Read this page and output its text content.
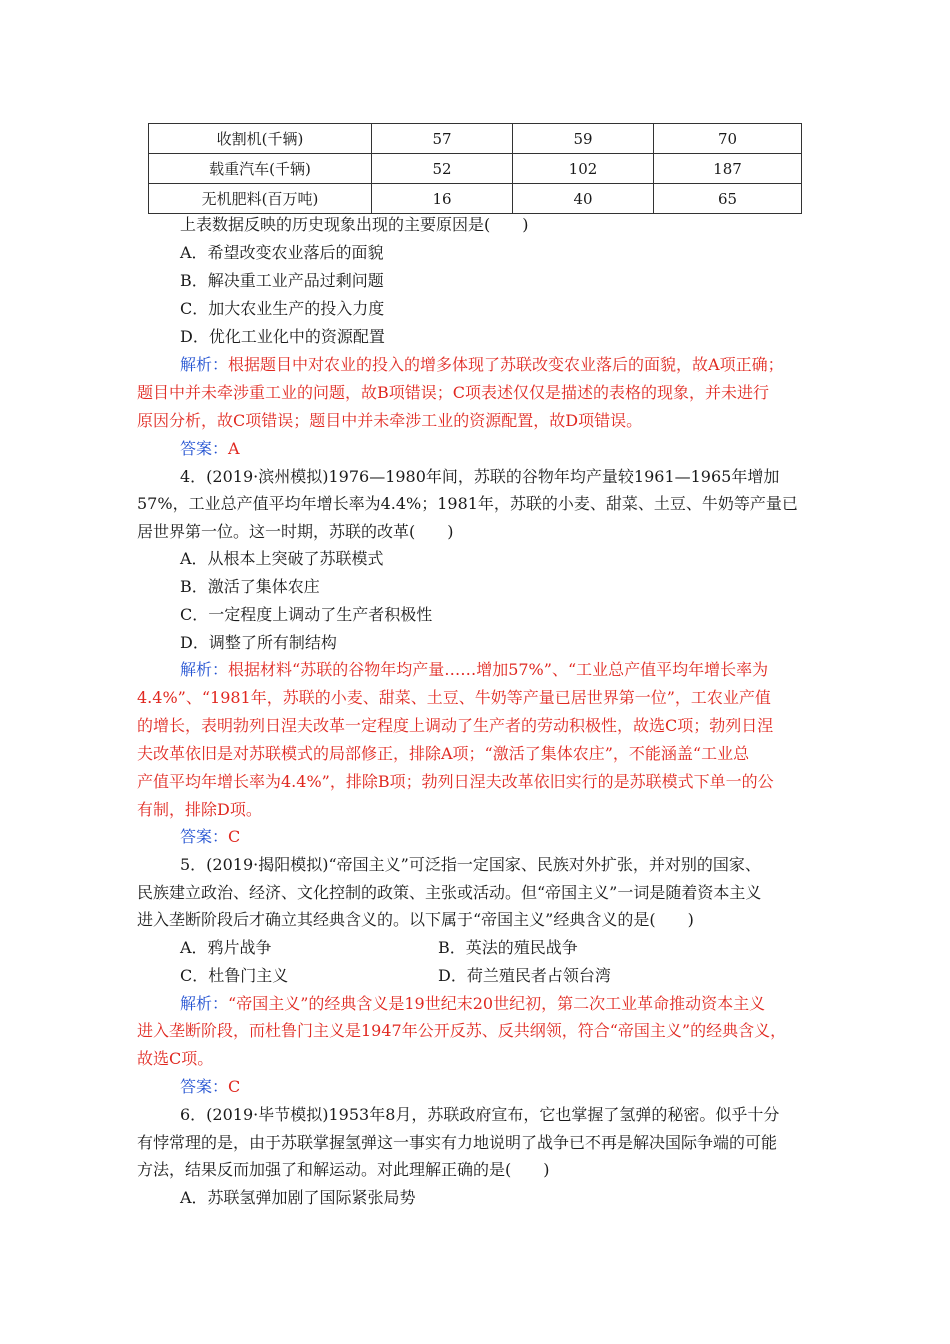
收割机(千辆)	57	59	70
载重汽车(千辆)	52	102	187
无机肥料(百万吨)	16	40	65
上表数据反映的历史现象出现的主要原因是(　　)
A．希望改变农业落后的面貌
B．解决重工业产品过剩问题
C．加大农业生产的投入力度
D．优化工业化中的资源配置
解析：根据题目中对农业的投入的增多体现了苏联改变农业落后的面貌，故A项正确；
题目中并未牵涉重工业的问题，故B项错误；C项表述仅仅是描述的表格的现象，并未进行
原因分析，故C项错误；题目中并未牵涉工业的资源配置，故D项错误。
答案：A
4．(2019·滨州模拟)1976—1980年间，苏联的谷物年均产量较1961—1965年增加
57%，工业总产值平均年增长率为4.4%；1981年，苏联的小麦、甜菜、土豆、牛奶等产量已
居世界第一位。这一时期，苏联的改革(　　)
A．从根本上突破了苏联模式
B．激活了集体农庄
C．一定程度上调动了生产者积极性
D．调整了所有制结构
解析：根据材料“苏联的谷物年均产量……增加57%”、“工业总产值平均年增长率为
4.4%”、“1981年，苏联的小麦、甜菜、土豆、牛奶等产量已居世界第一位”，工农业产值
的增长，表明勃列日涅夫改革一定程度上调动了生产者的劳动积极性，故选C项；勃列日涅
夫改革依旧是对苏联模式的局部修正，排除A项；“激活了集体农庄”，不能涵盖“工业总
产值平均年增长率为4.4%”，排除B项；勃列日涅夫改革依旧实行的是苏联模式下单一的公
有制，排除D项。
答案：C
5．(2019·揭阳模拟)“帝国主义”可泛指一定国家、民族对外扩张，并对别的国家、
民族建立政治、经济、文化控制的政策、主张或活动。但“帝国主义”一词是随着资本主义
进入垄断阶段后才确立其经典含义的。以下属于“帝国主义”经典含义的是(　　)
A．鸦片战争	B．英法的殖民战争
C．杜鲁门主义	D．荷兰殖民者占领台湾
解析：“帝国主义”的经典含义是19世纪末20世纪初，第二次工业革命推动资本主义
进入垄断阶段，而杜鲁门主义是1947年公开反苏、反共纲领，符合“帝国主义”的经典含义，
故选C项。
答案：C
6．(2019·毕节模拟)1953年8月，苏联政府宣布，它也掌握了氢弹的秘密。似乎十分
有悖常理的是，由于苏联掌握氢弹这一事实有力地说明了战争已不再是解决国际争端的可能
方法，结果反而加强了和解运动。对此理解正确的是(　　)
A．苏联氢弹加剧了国际紧张局势
